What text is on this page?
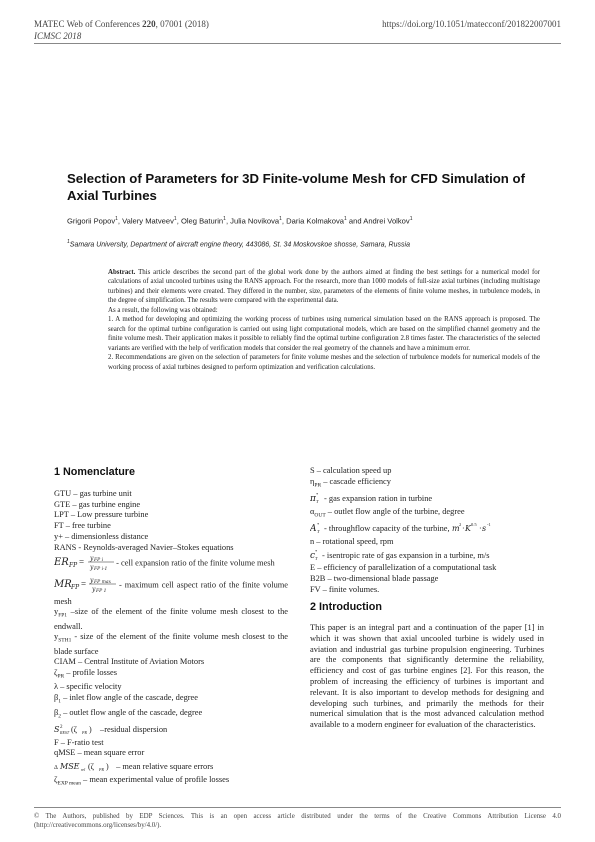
MATEC Web of Conferences 220, 07001 (2018)	https://doi.org/10.1051/matecconf/201822007001
ICMSC 2018
Selection of Parameters for 3D Finite-volume Mesh for CFD Simulation of Axial Turbines
Grigorii Popov$^1$, Valery Matveev$^1$, Oleg Baturin$^1$, Julia Novikova$^1$, Daria Kolmakova$^1$ and Andrei Volkov$^1$
$^1$Samara University, Department of aircraft engine theory, 443086, St. 34 Moskovskoe shosse, Samara, Russia

Abstract. This article describes the second part of the global work done by the authors aimed at finding the best settings for a numerical model for calculations of axial uncooled turbines using the RANS approach. For the research, more than 1000 models of full-size axial turbines (including multistage turbines) and their elements were created. They differed in the number, size, parameters of the elements of finite volume meshes, in turbulence models, in the degree of simplification. The results were compared with the experimental data.

As a result, the following was obtained:

1. A method for developing and optimizing the working process of turbines using numerical simulation based on the RANS approach is proposed. The search for the optimal turbine configuration is carried out using light computational models, which are based on the simplified channel geometry and the finite volume mesh. Their application makes it possible to reliably find the optimal turbine configuration 2.8 times faster. The characteristics of the selected variants are verified with the help of verification models that consider the real geometry of the channels and have a minimum error.

2. Recommendations are given on the selection of parameters for finite volume meshes and the selection of turbulence models for numerical models of the working process of axial turbines designed to perform optimization and verification calculations.

1 Nomenclature
GTU – gas turbine unit
GTE – gas turbine engine
LPT – Low pressure turbine
FT – free turbine
y+ – dimensionless distance
RANS - Reynolds-averaged Navier–Stokes equations
ER FP = y FP i
y FP i-1
- cell expansion ratio of the finite volume mesh
MR FP = y FP max
y FP 1
- maximum cell aspect ratio of the finite volume mesh
$y_{FP1}$ –size of the element of the finite volume mesh closest to the endwall.
$y_{STH1}$ - size of the element of the finite volume mesh closest to the blade surface
CIAM – Central Institute of Aviation Motors
$\zeta_{PR}$ – profile losses
λ – specific velocity
$\beta_1$ – inlet flow angle of the cascade, degree
$\beta_2$ – outlet flow angle of the cascade, degree
S 2
REST (ζ PR ) –residual dispersion
F – F-ratio test
qMSE – mean square error
Δ MSE rel (ζ PR ) – mean relative square errors
$\zeta_{EXP mean}$ – mean experimental value of profile losses
S – calculation speed up
$\eta_{PR}$ – cascade efficiency
π *
T - gas expansion ration in turbine
$\alpha_{OUT}$ – outlet flow angle of the turbine, degree
A *
T - throughflow capacity of the turbine, m 2 · K 0.5 · s -1
n – rotational speed, rpm
c *
T - isentropic rate of gas expansion in a turbine, m/s
E – efficiency of parallelization of a computational task
B2B – two-dimensional blade passage
FV – finite volumes.
2 Introduction
This paper is an integral part and a continuation of the paper [1] in which it was shown that axial uncooled turbine is widely used in aviation and industrial gas turbine propulsion engineering. Turbines are the components that significantly determine the reliability, efficiency and cost of gas turbine engines [2]. For this reason, the problem of increasing the efficiency of turbines is important and relevant. It is also important to develop methods for designing and developing such turbines, and primarily the methods for their numerical simulation that is the most advanced calculation method available to a modern engineer for evaluation of the characteristics.
© The Authors, published by EDP Sciences. This is an open access article distributed under the terms of the Creative Commons Attribution License 4.0 (http://creativecommons.org/licenses/by/4.0/).
